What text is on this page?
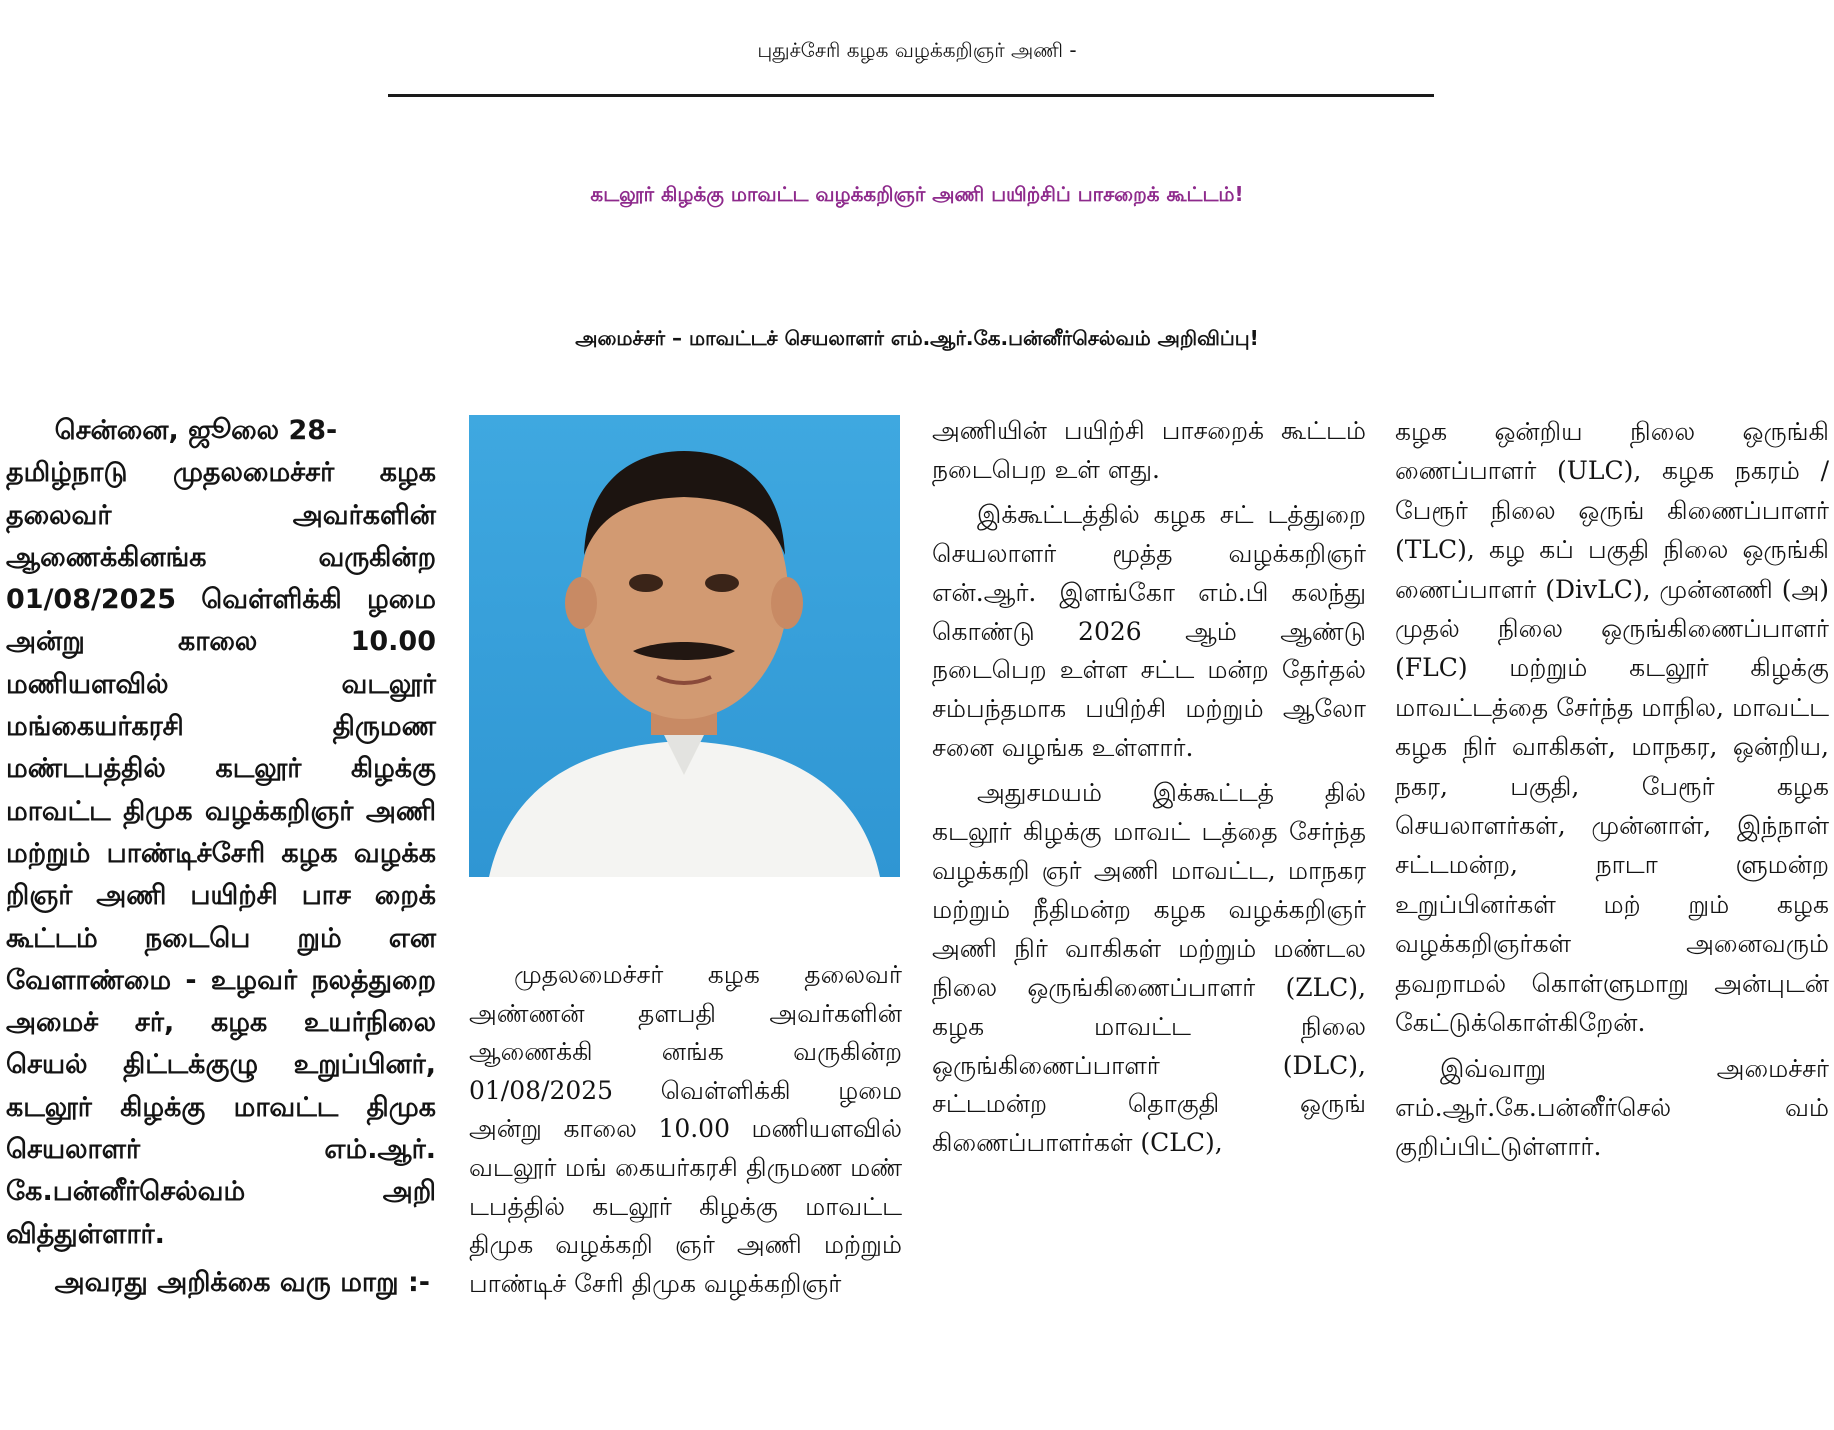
புதுச்சேரி கழக வழக்கறிஞர் அணி -
கடலூர் கிழக்கு மாவட்ட வழக்கறிஞர் அணி பயிற்சிப் பாசறைக் கூட்டம்!
அமைச்சர் – மாவட்டச் செயலாளர் எம்.ஆர்.கே.பன்னீர்செல்வம் அறிவிப்பு!

சென்னை, ஜூலை 28-

தமிழ்நாடு முதலமைச்சர் கழக தலைவர் அவர்களின் ஆணைக்கினங்க வருகின்ற 01/08/2025 வெள்ளிக்கி ழமை அன்று காலை 10.00 மணியளவில் வடலூர் மங்கையர்கரசி திருமண மண்டபத்தில் கடலூர் கிழக்கு மாவட்ட திமுக வழக்கறிஞர் அணி மற்றும் பாண்டிச்சேரி கழக வழக்க றிஞர் அணி பயிற்சி பாச றைக் கூட்டம் நடைபெ றும் என வேளாண்மை - உழவர் நலத்துறை அமைச் சர், கழக உயர்நிலை செயல் திட்டக்குழு உறுப்பினர், கடலூர் கிழக்கு மாவட்ட திமுக செயலாளர் எம்.ஆர். கே.பன்னீர்செல்வம் அறி வித்துள்ளார்.

அவரது அறிக்கை வரு மாறு :-

முதலமைச்சர் கழக தலைவர் அண்ணன் தளபதி அவர்களின் ஆணைக்கி னங்க வருகின்ற 01/08/2025 வெள்ளிக்கி ழமை அன்று காலை 10.00 மணியளவில் வடலூர் மங் கையர்கரசி திருமண மண் டபத்தில் கடலூர் கிழக்கு மாவட்ட திமுக வழக்கறி ஞர் அணி மற்றும் பாண்டிச் சேரி திமுக வழக்கறிஞர்

அணியின் பயிற்சி பாசறைக் கூட்டம் நடைபெற உள் ளது.

இக்கூட்டத்தில் கழக சட் டத்துறை செயலாளர் மூத்த வழக்கறிஞர் என்.ஆர். இளங்கோ எம்.பி கலந்து கொண்டு 2026 ஆம் ஆண்டு நடைபெற உள்ள சட்ட மன்ற தேர்தல் சம்பந்தமாக பயிற்சி மற்றும் ஆலோ சனை வழங்க உள்ளார்.

அதுசமயம் இக்கூட்டத் தில் கடலூர் கிழக்கு மாவட் டத்தை சேர்ந்த வழக்கறி ஞர் அணி மாவட்ட, மாநகர மற்றும் நீதிமன்ற கழக வழக்கறிஞர் அணி நிர் வாகிகள் மற்றும் மண்டல நிலை ஒருங்கிணைப்பாளர் (ZLC), கழக மாவட்ட நிலை ஒருங்கிணைப்பாளர் (DLC), சட்டமன்ற தொகுதி ஒருங் கிணைப்பாளர்கள் (CLC),

கழக ஒன்றிய நிலை ஒருங்கி ணைப்பாளர் (ULC), கழக நகரம் / பேரூர் நிலை ஒருங் கிணைப்பாளர் (TLC), கழ கப் பகுதி நிலை ஒருங்கி ணைப்பாளர் (DivLC), முன்னணி (அ) முதல் நிலை ஒருங்கிணைப்பாளர் (FLC) மற்றும் கடலூர் கிழக்கு மாவட்டத்தை சேர்ந்த மாநில, மாவட்ட கழக நிர் வாகிகள், மாநகர, ஒன்றிய, நகர, பகுதி, பேரூர் கழக செயலாளர்கள், முன்னாள், இந்நாள் சட்டமன்ற, நாடா ளுமன்ற உறுப்பினர்கள் மற் றும் கழக வழக்கறிஞர்கள் அனைவரும் தவறாமல் கொள்ளுமாறு அன்புடன் கேட்டுக்கொள்கிறேன்.

இவ்வாறு அமைச்சர் எம்.ஆர்.கே.பன்னீர்செல் வம் குறிப்பிட்டுள்ளார்.
